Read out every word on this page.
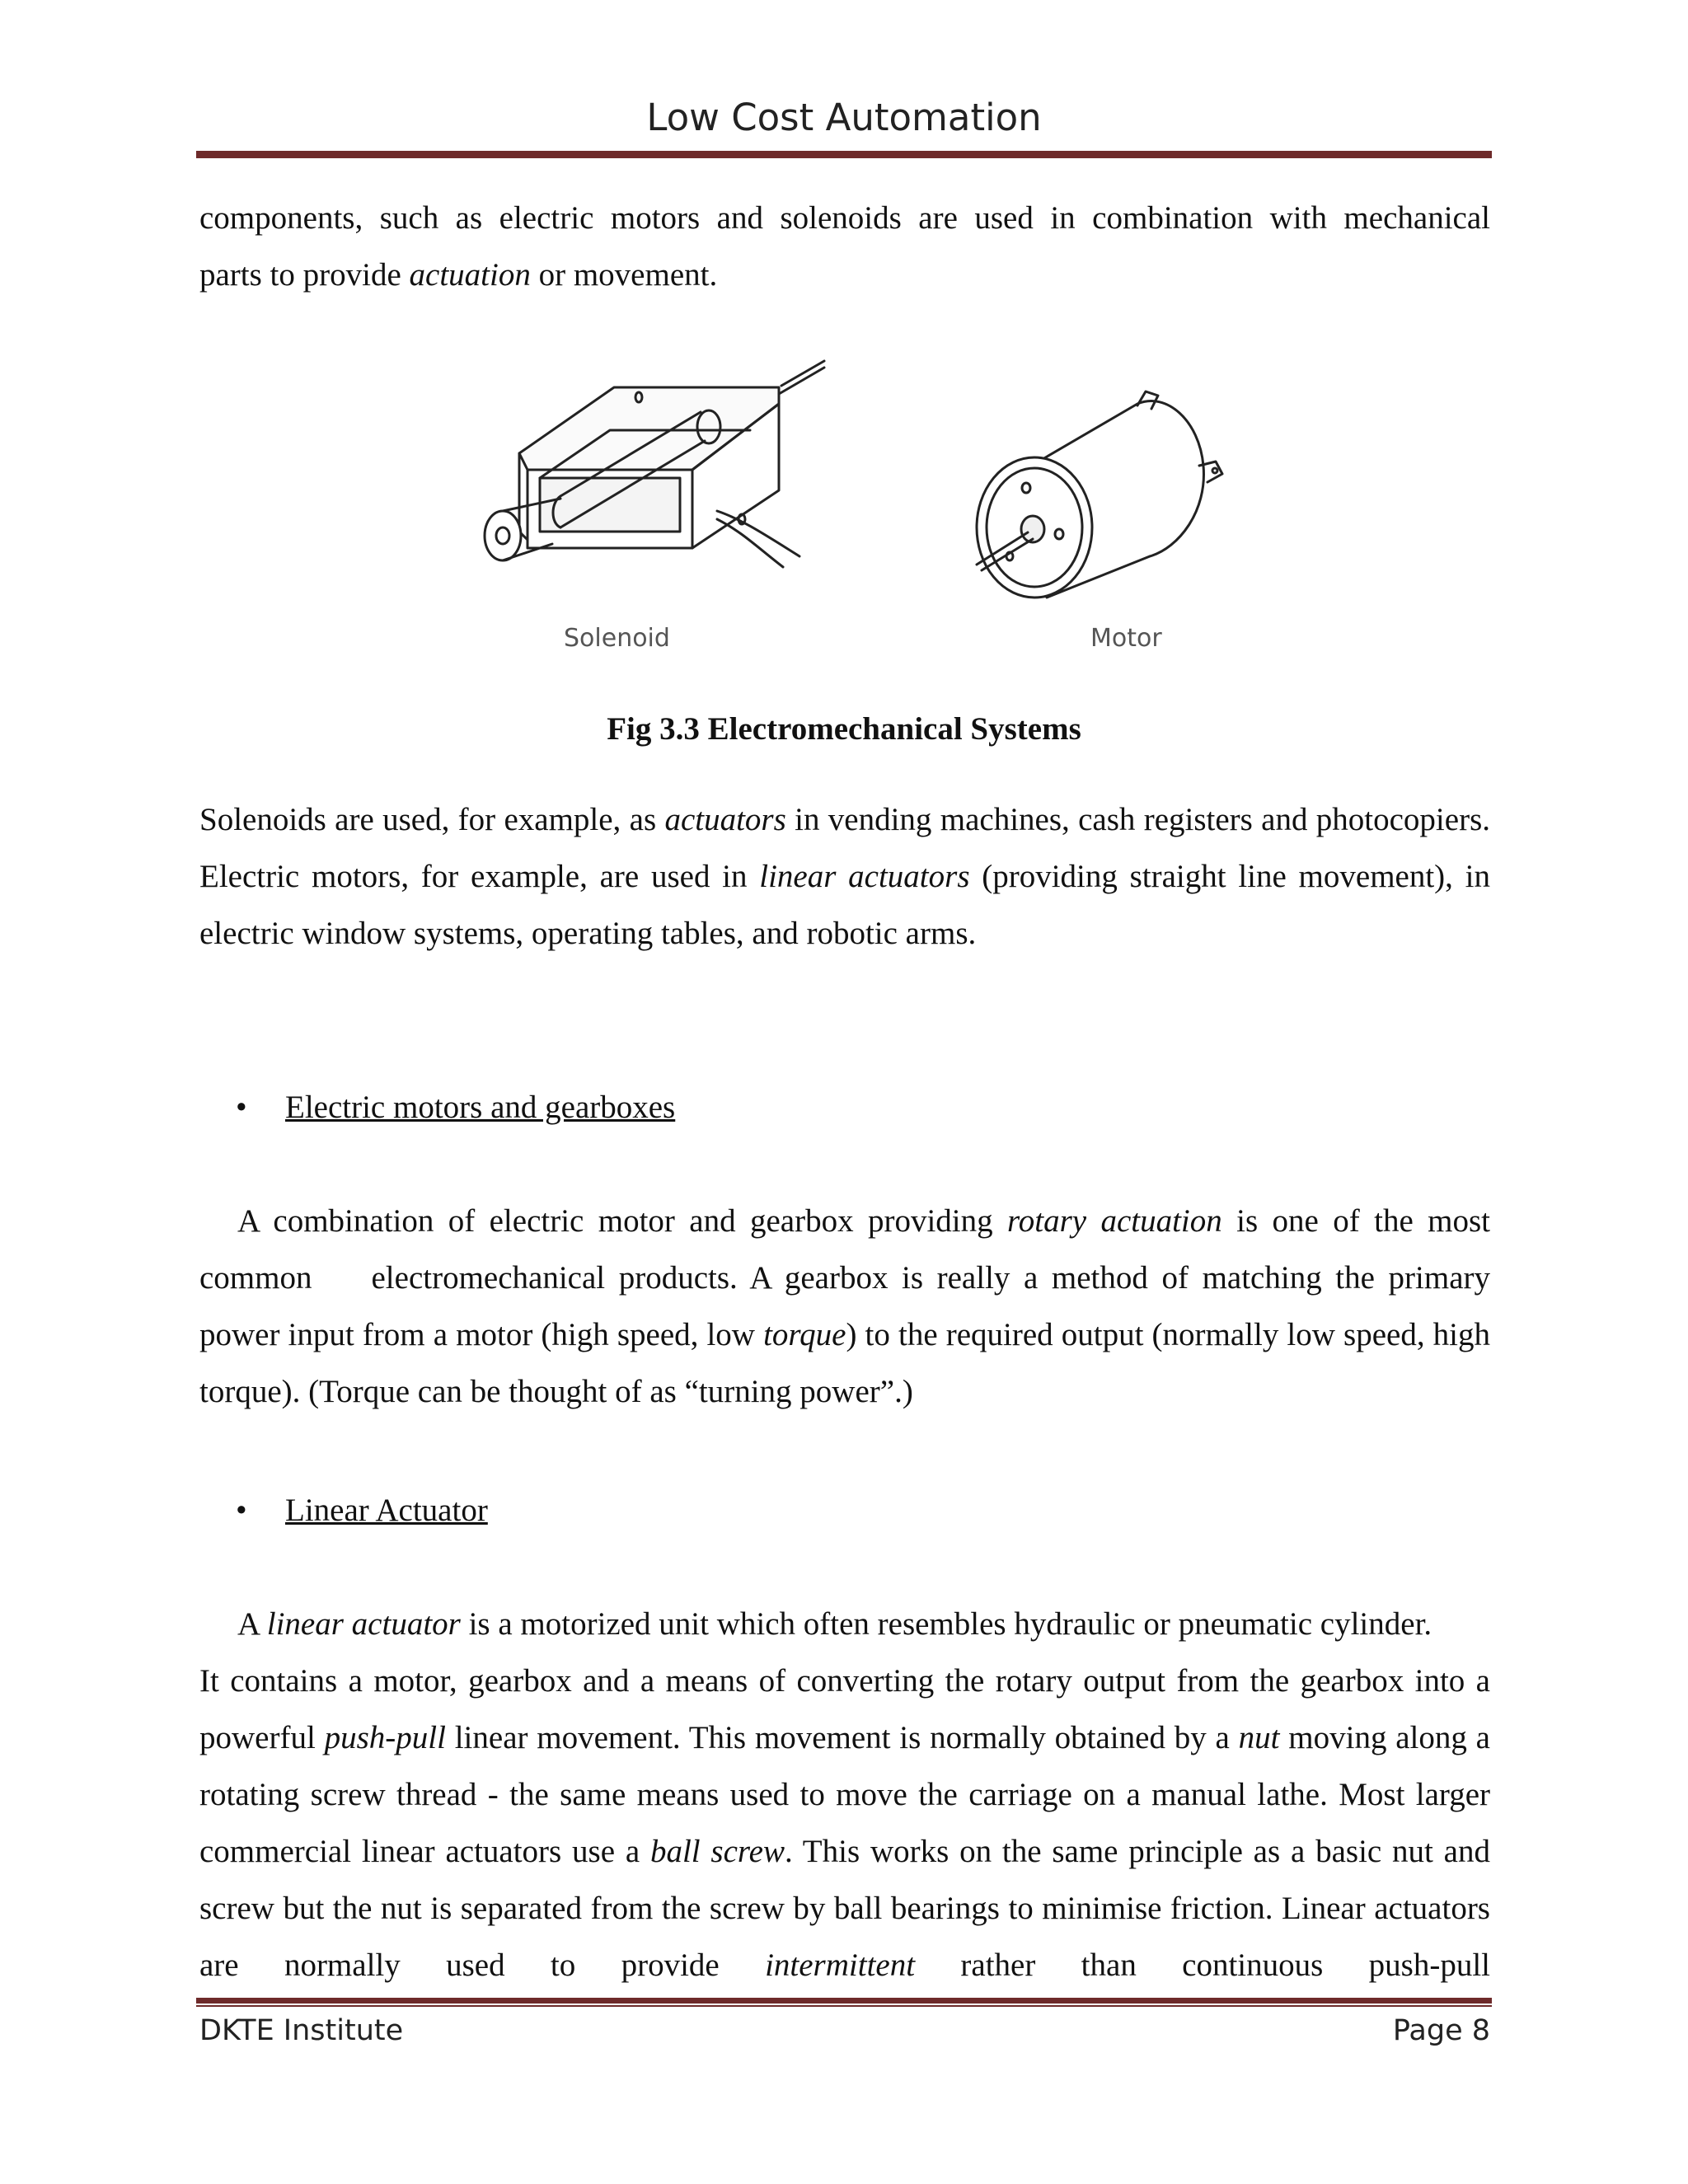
Low Cost Automation
components, such as electric motors and solenoids are used in combination with mechanical
parts to provide actuation or movement.
Solenoid	Motor
Fig 3.3 Electromechanical Systems
Solenoids are used, for example, as actuators in vending machines, cash registers and photocopiers. Electric motors, for example, are used in linear actuators (providing straight line movement), in electric window systems, operating tables, and robotic arms.
• Electric motors and gearboxes
A combination of electric motor and gearbox providing rotary actuation is one of the most common electromechanical products. A gearbox is really a method of matching the primary power input from a motor (high speed, low torque) to the required output (normally low speed, high torque). (Torque can be thought of as “turning power”.)
• Linear Actuator
A linear actuator is a motorized unit which often resembles hydraulic or pneumatic cylinder.
It contains a motor, gearbox and a means of converting the rotary output from the gearbox into a powerful push-pull linear movement. This movement is normally obtained by a nut moving along a rotating screw thread - the same means used to move the carriage on a manual lathe. Most larger commercial linear actuators use a ball screw. This works on the same principle as a basic nut and screw but the nut is separated from the screw by ball bearings to minimise friction. Linear actuators are normally used to provide intermittent rather than continuous push-pull
DKTE Institute	Page 8
